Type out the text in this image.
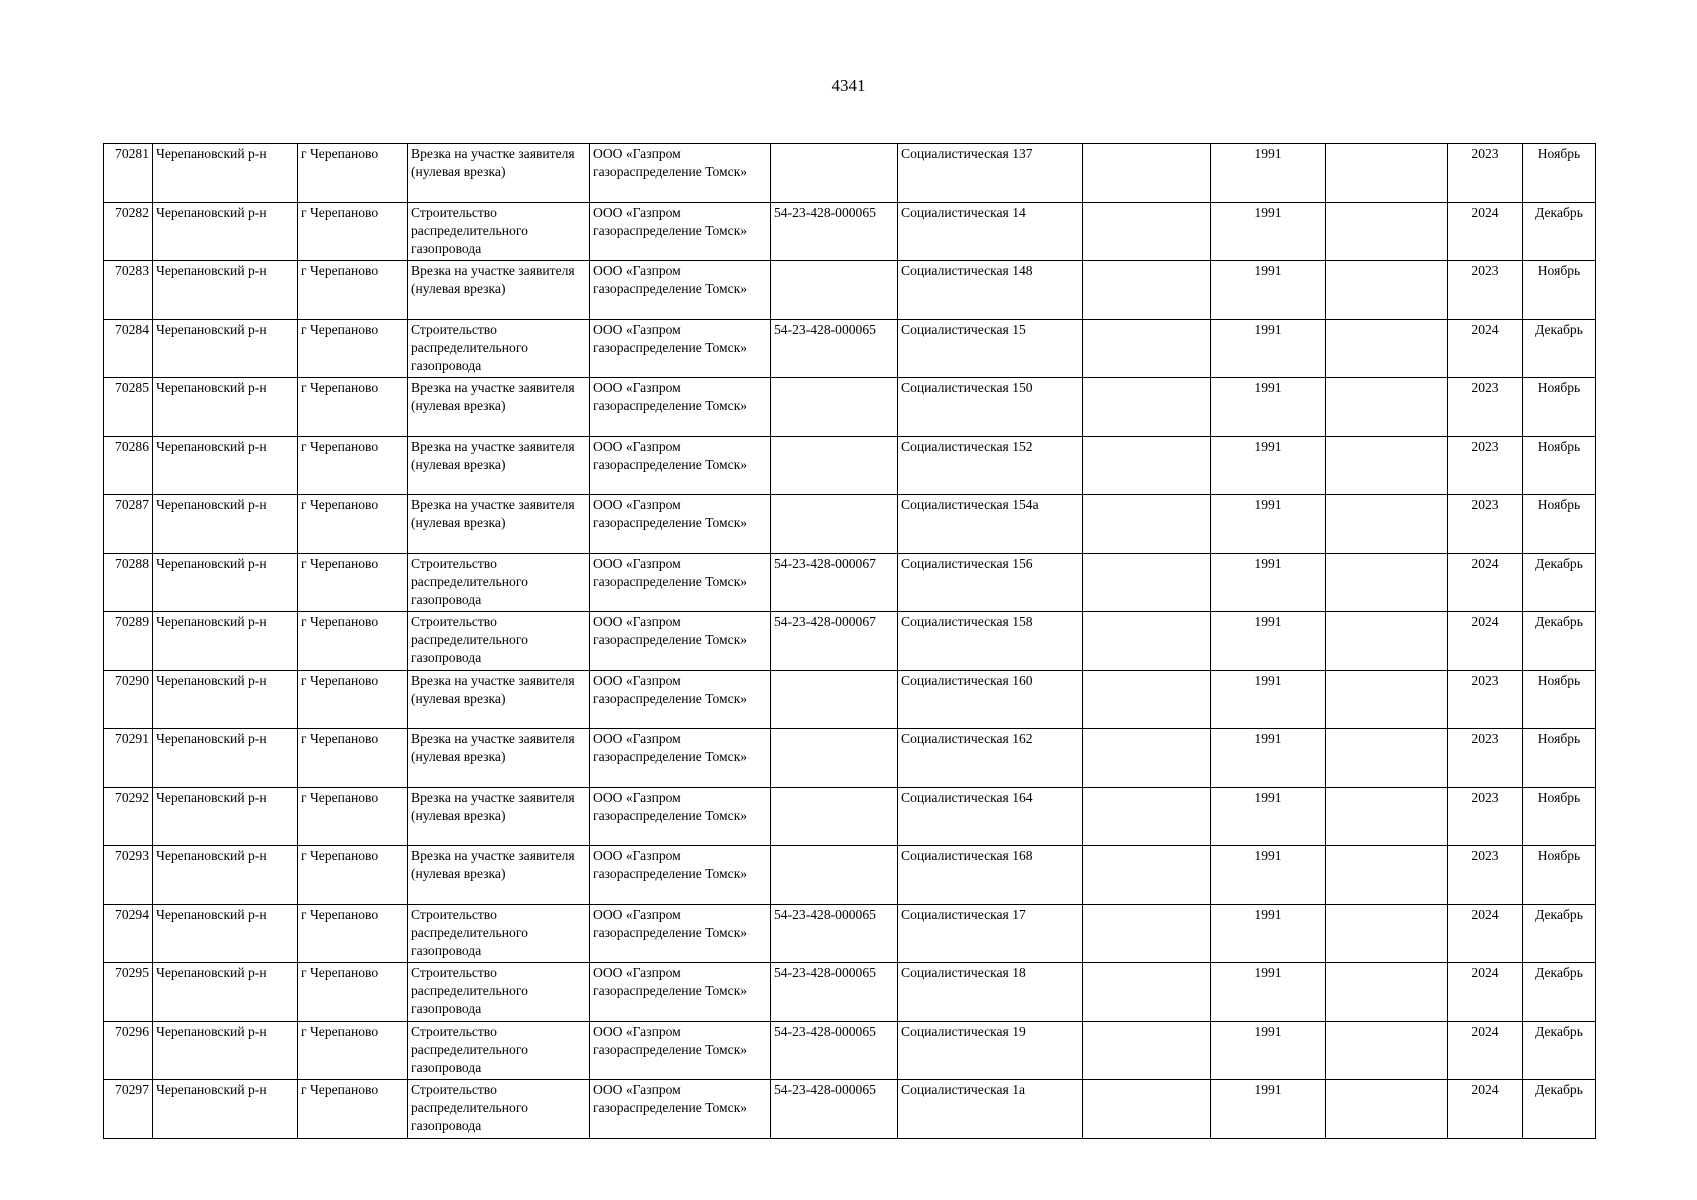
4341
70281	Черепановский р-н	г Черепаново	Врезка на участке заявителя (нулевая врезка)	ООО «Газпром газораспределение Томск»		Социалистическая 137		1991		2023	Ноябрь
70282	Черепановский р-н	г Черепаново	Строительство распределительного газопровода	ООО «Газпром газораспределение Томск»	54-23-428-000065	Социалистическая 14		1991		2024	Декабрь
70283	Черепановский р-н	г Черепаново	Врезка на участке заявителя (нулевая врезка)	ООО «Газпром газораспределение Томск»		Социалистическая 148		1991		2023	Ноябрь
70284	Черепановский р-н	г Черепаново	Строительство распределительного газопровода	ООО «Газпром газораспределение Томск»	54-23-428-000065	Социалистическая 15		1991		2024	Декабрь
70285	Черепановский р-н	г Черепаново	Врезка на участке заявителя (нулевая врезка)	ООО «Газпром газораспределение Томск»		Социалистическая 150		1991		2023	Ноябрь
70286	Черепановский р-н	г Черепаново	Врезка на участке заявителя (нулевая врезка)	ООО «Газпром газораспределение Томск»		Социалистическая 152		1991		2023	Ноябрь
70287	Черепановский р-н	г Черепаново	Врезка на участке заявителя (нулевая врезка)	ООО «Газпром газораспределение Томск»		Социалистическая 154а		1991		2023	Ноябрь
70288	Черепановский р-н	г Черепаново	Строительство распределительного газопровода	ООО «Газпром газораспределение Томск»	54-23-428-000067	Социалистическая 156		1991		2024	Декабрь
70289	Черепановский р-н	г Черепаново	Строительство распределительного газопровода	ООО «Газпром газораспределение Томск»	54-23-428-000067	Социалистическая 158		1991		2024	Декабрь
70290	Черепановский р-н	г Черепаново	Врезка на участке заявителя (нулевая врезка)	ООО «Газпром газораспределение Томск»		Социалистическая 160		1991		2023	Ноябрь
70291	Черепановский р-н	г Черепаново	Врезка на участке заявителя (нулевая врезка)	ООО «Газпром газораспределение Томск»		Социалистическая 162		1991		2023	Ноябрь
70292	Черепановский р-н	г Черепаново	Врезка на участке заявителя (нулевая врезка)	ООО «Газпром газораспределение Томск»		Социалистическая 164		1991		2023	Ноябрь
70293	Черепановский р-н	г Черепаново	Врезка на участке заявителя (нулевая врезка)	ООО «Газпром газораспределение Томск»		Социалистическая 168		1991		2023	Ноябрь
70294	Черепановский р-н	г Черепаново	Строительство распределительного газопровода	ООО «Газпром газораспределение Томск»	54-23-428-000065	Социалистическая 17		1991		2024	Декабрь
70295	Черепановский р-н	г Черепаново	Строительство распределительного газопровода	ООО «Газпром газораспределение Томск»	54-23-428-000065	Социалистическая 18		1991		2024	Декабрь
70296	Черепановский р-н	г Черепаново	Строительство распределительного газопровода	ООО «Газпром газораспределение Томск»	54-23-428-000065	Социалистическая 19		1991		2024	Декабрь
70297	Черепановский р-н	г Черепаново	Строительство распределительного газопровода	ООО «Газпром газораспределение Томск»	54-23-428-000065	Социалистическая 1а		1991		2024	Декабрь
